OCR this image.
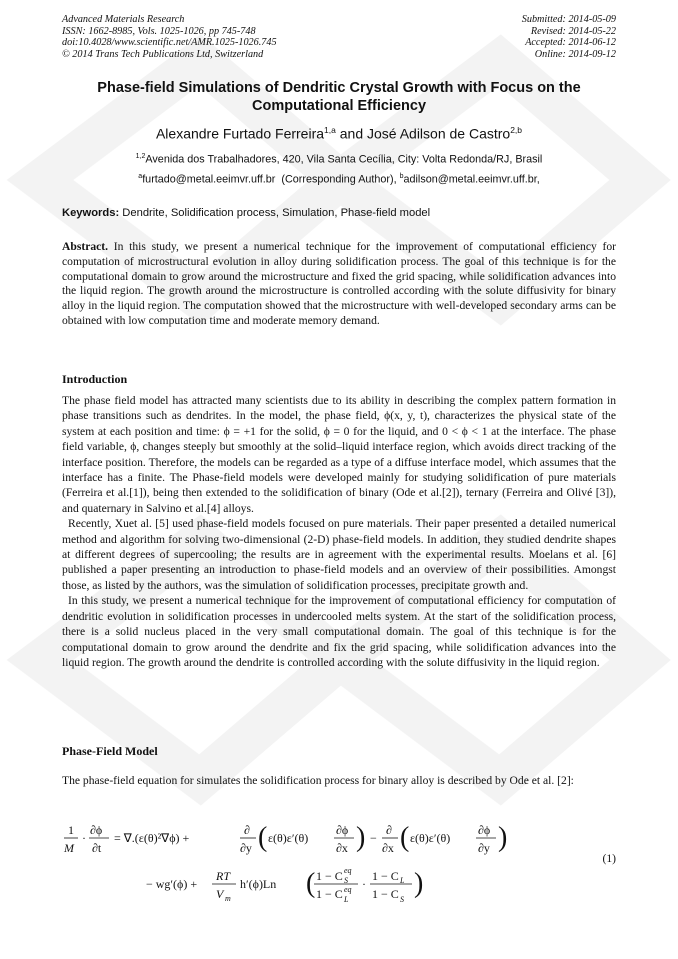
Advanced Materials Research
ISSN: 1662-8985, Vols. 1025-1026, pp 745-748
doi:10.4028/www.scientific.net/AMR.1025-1026.745
© 2014 Trans Tech Publications Ltd, Switzerland
Submitted: 2014-05-09
Revised: 2014-05-22
Accepted: 2014-06-12
Online: 2014-09-12
Phase-field Simulations of Dendritic Crystal Growth with Focus on the Computational Efficiency
Alexandre Furtado Ferreira$^{1,a}$ and José Adilson de Castro$^{2,b}$
$^{1,2}$Avenida dos Trabalhadores, 420, Vila Santa Cecília, City: Volta Redonda/RJ, Brasil
$^a$furtado@metal.eeimvr.uff.br  (Corresponding Author), $^b$adilson@metal.eeimvr.uff.br,
Keywords: Dendrite, Solidification process, Simulation, Phase-field model
Abstract. In this study, we present a numerical technique for the improvement of computational efficiency for computation of microstructural evolution in alloy during solidification process. The goal of this technique is for the computational domain to grow around the microstructure and fixed the grid spacing, while solidification advances into the liquid region. The growth around the microstructure is controlled according with the solute diffusivity for binary alloy in the liquid region. The computation showed that the microstructure with well-developed secondary arms can be obtained with low computation time and moderate memory demand.
Introduction

The phase field model has attracted many scientists due to its ability in describing the complex pattern formation in phase transitions such as dendrites. In the model, the phase field, ϕ(x, y, t), characterizes the physical state of the system at each position and time: ϕ = +1 for the solid, ϕ = 0 for the liquid, and 0 < ϕ < 1 at the interface. The phase field variable, ϕ, changes steeply but smoothly at the solid–liquid interface region, which avoids direct tracking of the interface position. Therefore, the models can be regarded as a type of a diffuse interface model, which assumes that the interface has a finite. The Phase-field models were developed mainly for studying solidification of pure materials (Ferreira et al.[1]), being then extended to the solidification of binary (Ode et al.[2]), ternary (Ferreira and Olivé [3]), and quaternary in Salvino et al.[4] alloys.

Recently, Xuet al. [5] used phase-field models focused on pure materials. Their paper presented a detailed numerical method and algorithm for solving two-dimensional (2-D) phase-field models. In addition, they studied dendrite shapes at different degrees of supercooling; the results are in agreement with the experimental results. Moelans et al. [6] published a paper presenting an introduction to phase-field models and an overview of their possibilities. Amongst those, as listed by the authors, was the simulation of solidification processes, precipitate growth and.

In this study, we present a numerical technique for the improvement of computational efficiency for computation of dendritic evolution in solidification processes in undercooled melts system. At the start of the solidification process, there is a solid nucleus placed in the very small computational domain. The goal of this technique is for the computational domain to grow around the dendrite and fix the grid spacing, while solidification advances into the liquid region. The growth around the dendrite is controlled according with the solute diffusivity in the liquid region.

Phase-Field Model

The phase-field equation for simulates the solidification process for binary alloy is described by Ode et al. [2]:

1
M
·
∂ϕ
∂t
= ∇.(ε(θ)²∇ϕ) +
∂
∂y ( ε(θ)ε′(θ)
∂ϕ
∂x ) −
∂
∂x ( ε(θ)ε′(θ)
∂ϕ
∂y )
− wg′(ϕ) +
RT
V m
h′(ϕ)Ln ( 1 − C eq
S
1 − C eq
L
·
1 − C L
1 − C S
)
(1)
